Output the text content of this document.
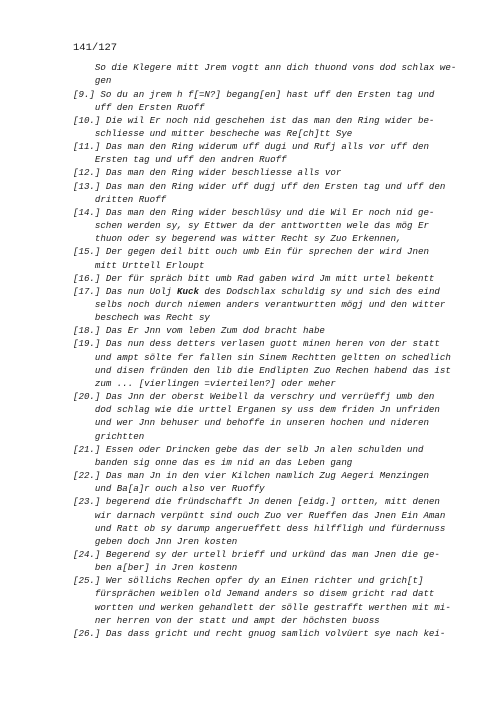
141/127
So die Klegere mitt Jrem vogtt ann dich thuond vons dod schlax we-
gen
[9.] So du an jrem h f[=N?] begang[en] hast uff den Ersten tag und
uff den Ersten Ruoff
[10.] Die wil Er noch nid geschehen ist das man den Ring wider be-
schliesse und mitter bescheche was Re[ch]tt Sye
[11.] Das man den Ring widerum uff dugi und Rufj alls vor uff den
Ersten tag und uff den andren Ruoff
[12.] Das man den Ring wider beschliesse alls vor
[13.] Das man den Ring wider uff dugj uff den Ersten tag und uff den
dritten Ruoff
[14.] Das man den Ring wider beschlüsy und die Wil Er noch nid ge-
schen werden sy, sy Ettwer da der anttwortten wele das mög Er
thuon oder sy begerend was witter Recht sy Zuo Erkennen,
[15.] Der gegen deil bitt ouch umb Ein für sprechen der wird Jnen
mitt Urttell Erloupt
[16.] Der für spräch bitt umb Rad gaben wird Jm mitt urtel bekentt
[17.] Das nun Uolj Kuck des Dodschlax schuldig sy und sich des eind
selbs noch durch niemen anders verantwurtten mögj und den witter
beschech was Recht sy
[18.] Das Er Jnn vom leben Zum dod bracht habe
[19.] Das nun dess detters verlasen guott minen heren von der statt
und ampt sölte fer fallen sin Sinem Rechtten geltten on schedlich
und disen fründen den lib die Endlipten Zuo Rechen habend das ist
zum ... [vierlingen =vierteilen?] oder meher
[20.] Das Jnn der oberst Weibell da verschry und verrüeffj umb den
dod schlag wie die urttel Erganen sy uss dem friden Jn unfriden
und wer Jnn behuser und behoffe in unseren hochen und nideren
grichtten
[21.] Essen oder Drincken gebe das der selb Jn alen schulden und
banden sig onne das es im nid an das Leben gang
[22.] Das man Jn in den vier Kilchen namlich Zug Aegeri Menzingen
und Ba[a]r ouch also ver Ruoffy
[23.] begerend die fründschafft Jn denen [eidg.] ortten, mitt denen
wir darnach verpüntt sind ouch Zuo ver Rueffen das Jnen Ein Aman
und Ratt ob sy darump angerueffett dess hilffligh und fürdernuss
geben doch Jnn Jren kosten
[24.] Begerend sy der urtell brieff und urkünd das man Jnen die ge-
ben a[ber] in Jren kostenn
[25.] Wer söllichs Rechen opfer dy an Einen richter und grich[t]
fürsprächen weiblen old Jemand anders so disem gricht rad datt
wortten und werken gehandlett der sölle gestrafft werthen mit mi-
ner herren von der statt und ampt der höchsten buoss
[26.] Das dass gricht und recht gnuog samlich volvüert sye nach kei-
